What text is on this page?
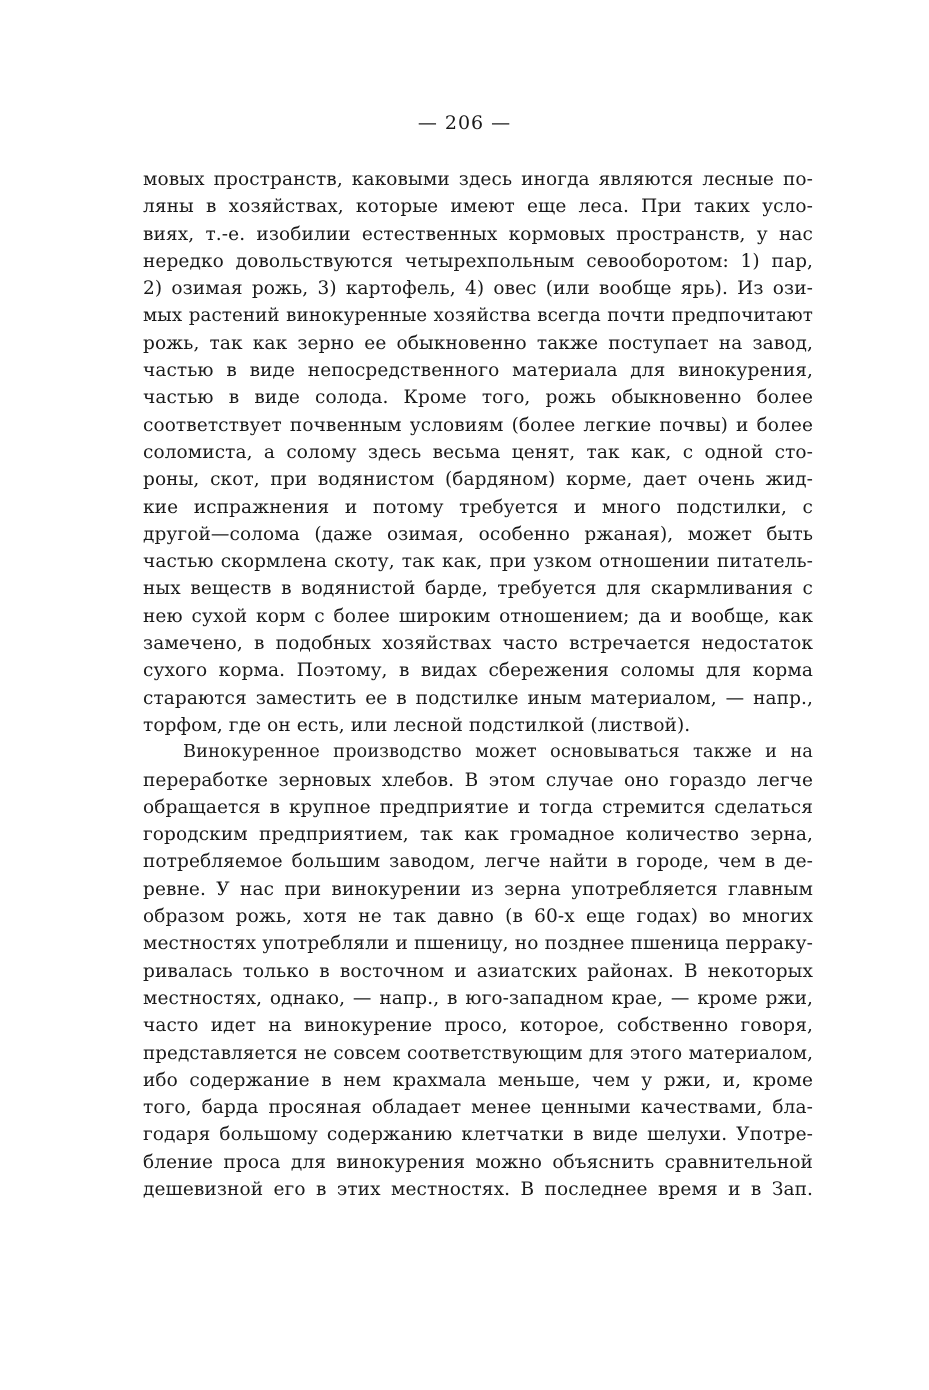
— 206 —
мовых пространств, каковыми здесь иногда являются лесные по-
ляны в хозяйствах, которые имеют еще леса. При таких усло-
виях, т.-е. изобилии естественных кормовых пространств, у нас
нередко довольствуются четырехпольным севооборотом: 1) пар,
2) озимая рожь, 3) картофель, 4) овес (или вообще ярь). Из ози-
мых растений винокуренные хозяйства всегда почти предпочитают
рожь, так как зерно ее обыкновенно также поступает на завод,
частью в виде непосредственного материала для винокурения,
частью в виде солода. Кроме того, рожь обыкновенно более
соответствует почвенным условиям (более легкие почвы) и более
соломиста, а солому здесь весьма ценят, так как, с одной сто-
роны, скот, при водянистом (бардяном) корме, дает очень жид-
кие испражнения и потому требуется и много подстилки, с
другой—солома (даже озимая, особенно ржаная), может быть
частью скормлена скоту, так как, при узком отношении питатель-
ных веществ в водянистой барде, требуется для скармливания с
нею сухой корм с более широким отношением; да и вообще, как
замечено, в подобных хозяйствах часто встречается недостаток
сухого корма. Поэтому, в видах сбережения соломы для корма
стараются заместить ее в подстилке иным материалом, — напр.,
торфом, где он есть, или лесной подстилкой (листвой).
Винокуренное производство может основываться также и на
переработке зерновых хлебов. В этом случае оно гораздо легче
обращается в крупное предприятие и тогда стремится сделаться
городским предприятием, так как громадное количество зерна,
потребляемое большим заводом, легче найти в городе, чем в де-
ревне. У нас при винокурении из зерна употребляется главным
образом рожь, хотя не так давно (в 60-х еще годах) во многих
местностях употребляли и пшеницу, но позднее пшеница перраку-
ривалась только в восточном и азиатских районах. В некоторых
местностях, однако, — напр., в юго-западном крае, — кроме ржи,
часто идет на винокурение просо, которое, собственно говоря,
представляется не совсем соответствующим для этого материалом,
ибо содержание в нем крахмала меньше, чем у ржи, и, кроме
того, барда просяная обладает менее ценными качествами, бла-
годаря большому содержанию клетчатки в виде шелухи. Употре-
бление проса для винокурения можно объяснить сравнительной
дешевизной его в этих местностях. В последнее время и в Зап.
